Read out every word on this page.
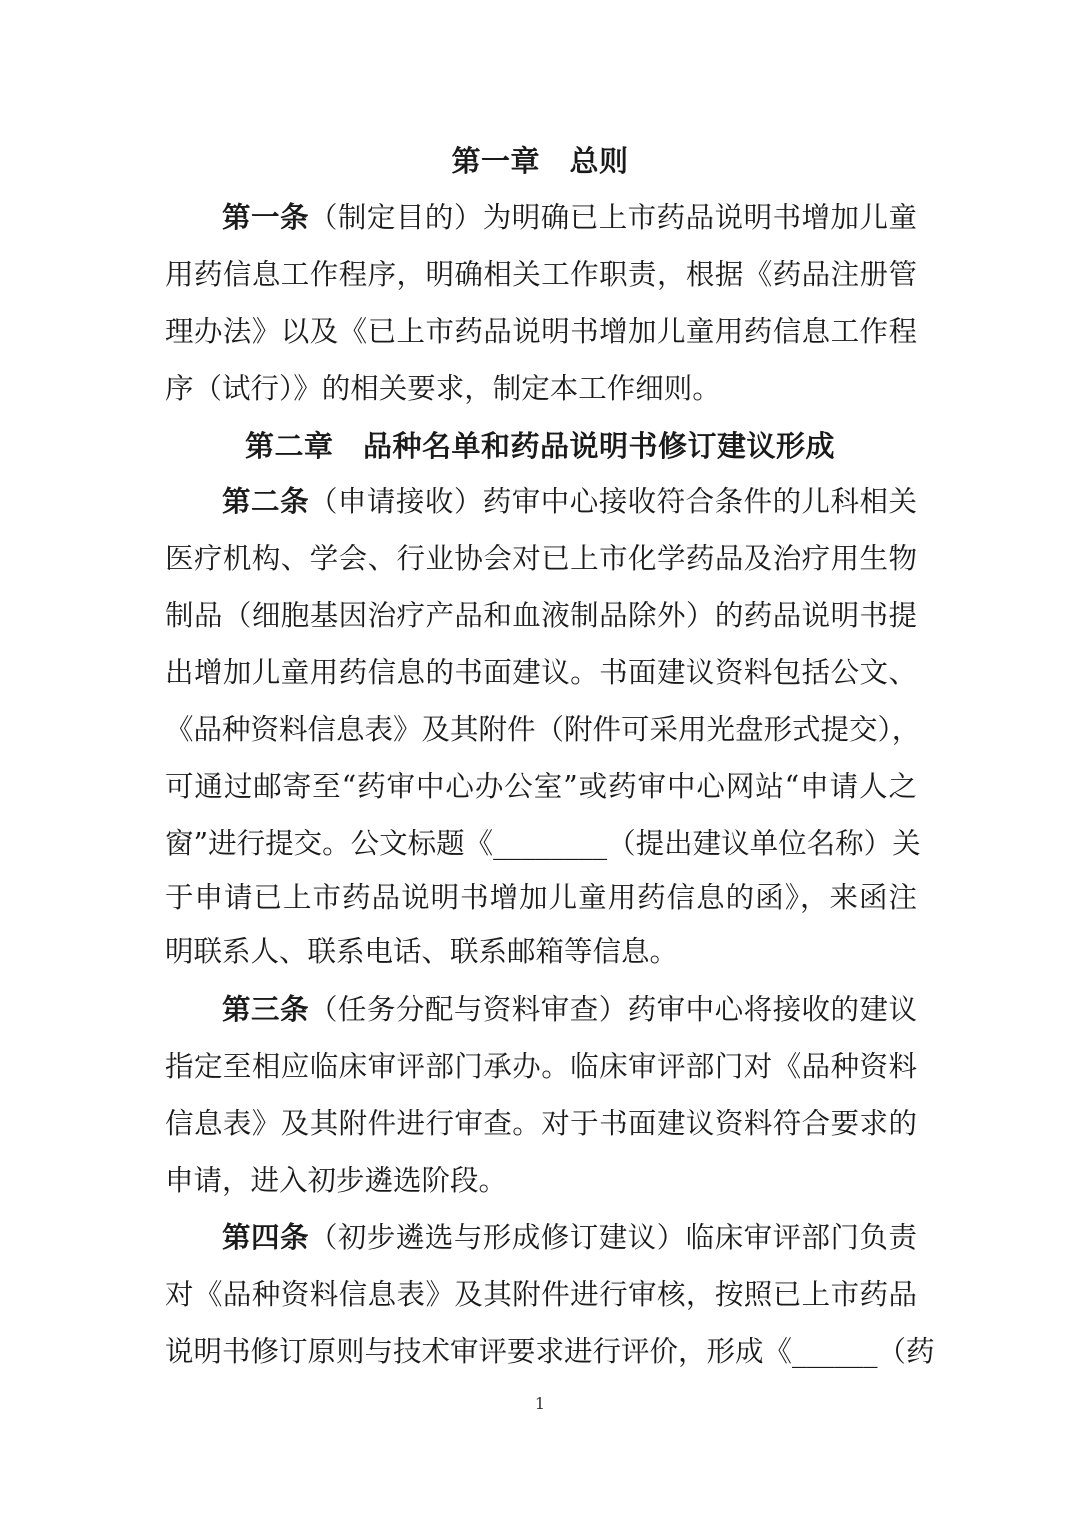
第一章　总则
第一条（制定目的）为明确已上市药品说明书增加儿童
用药信息工作程序，明确相关工作职责，根据《药品注册管
理办法》以及《已上市药品说明书增加儿童用药信息工作程
序（试行）》的相关要求，制定本工作细则。
第二章　品种名单和药品说明书修订建议形成
第二条（申请接收）药审中心接收符合条件的儿科相关
医疗机构、学会、行业协会对已上市化学药品及治疗用生物
制品（细胞基因治疗产品和血液制品除外）的药品说明书提
出增加儿童用药信息的书面建议。书面建议资料包括公文、
《品种资料信息表》及其附件（附件可采用光盘形式提交），
可通过邮寄至“药审中心办公室”或药审中心网站“申请人之
窗”进行提交。公文标题《________（提出建议单位名称）关
于申请已上市药品说明书增加儿童用药信息的函》，来函注
明联系人、联系电话、联系邮箱等信息。
第三条（任务分配与资料审查）药审中心将接收的建议
指定至相应临床审评部门承办。临床审评部门对《品种资料
信息表》及其附件进行审查。对于书面建议资料符合要求的
申请，进入初步遴选阶段。
第四条（初步遴选与形成修订建议）临床审评部门负责
对《品种资料信息表》及其附件进行审核，按照已上市药品
说明书修订原则与技术审评要求进行评价，形成《______（药
1
